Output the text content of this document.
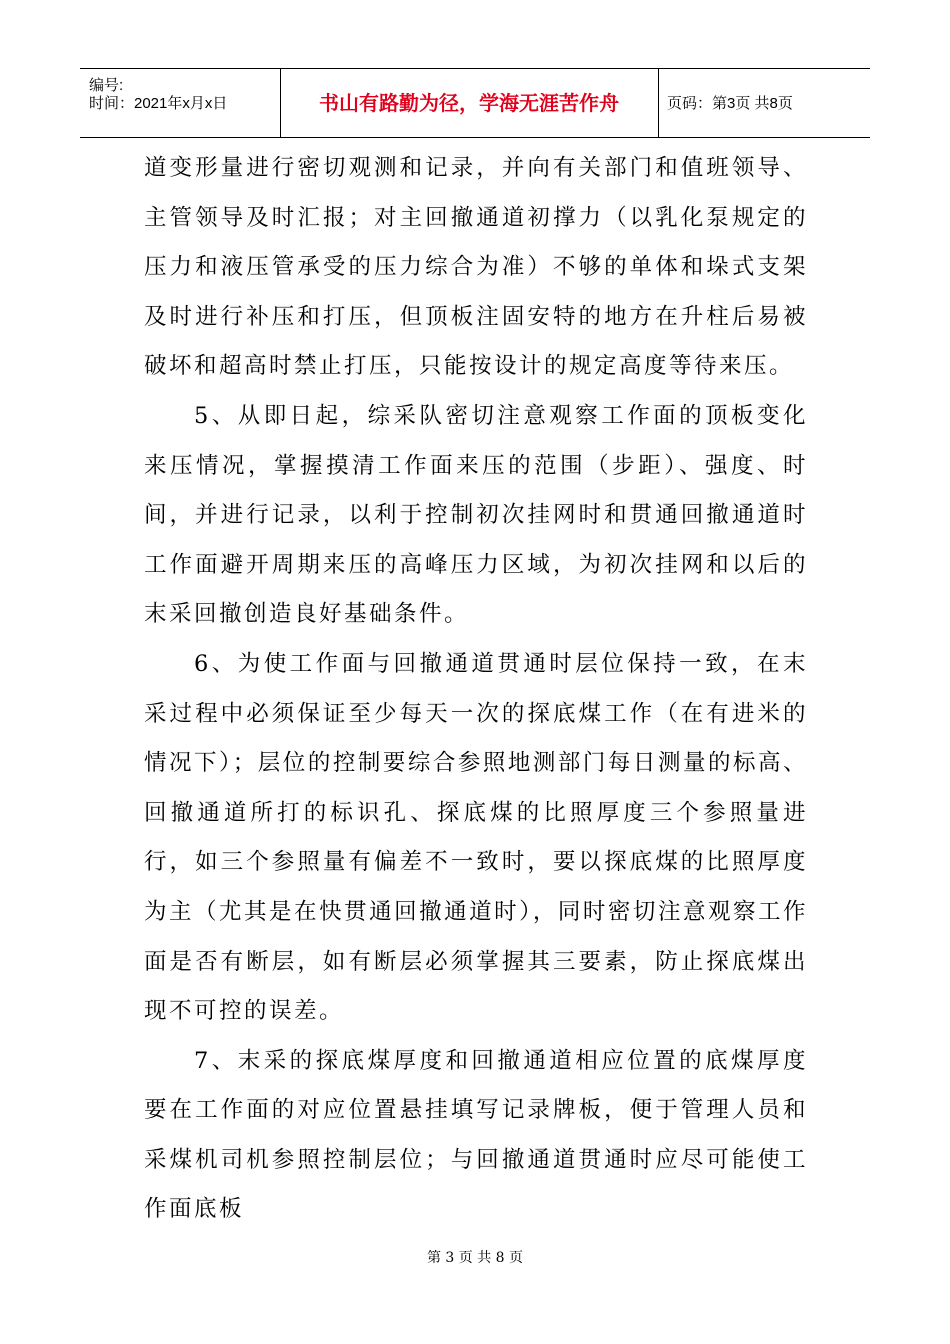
编号:
时间：2021年x月x日	书山有路勤为径，学海无涯苦作舟	页码：第3页 共8页

道变形量进行密切观测和记录，并向有关部门和值班领导、主管领导及时汇报；对主回撤通道初撑力（以乳化泵规定的压力和液压管承受的压力综合为准）不够的单体和垛式支架及时进行补压和打压，但顶板注固安特的地方在升柱后易被破坏和超高时禁止打压，只能按设计的规定高度等待来压。

5、从即日起，综采队密切注意观察工作面的顶板变化来压情况，掌握摸清工作面来压的范围（步距）、强度、时间，并进行记录，以利于控制初次挂网时和贯通回撤通道时工作面避开周期来压的高峰压力区域，为初次挂网和以后的末采回撤创造良好基础条件。

6、为使工作面与回撤通道贯通时层位保持一致，在末采过程中必须保证至少每天一次的探底煤工作（在有进米的情况下）；层位的控制要综合参照地测部门每日测量的标高、回撤通道所打的标识孔、探底煤的比照厚度三个参照量进行，如三个参照量有偏差不一致时，要以探底煤的比照厚度为主（尤其是在快贯通回撤通道时），同时密切注意观察工作面是否有断层，如有断层必须掌握其三要素，防止探底煤出现不可控的误差。

7、末采的探底煤厚度和回撤通道相应位置的底煤厚度要在工作面的对应位置悬挂填写记录牌板，便于管理人员和采煤机司机参照控制层位；与回撤通道贯通时应尽可能使工作面底板

第 3 页 共 8 页
